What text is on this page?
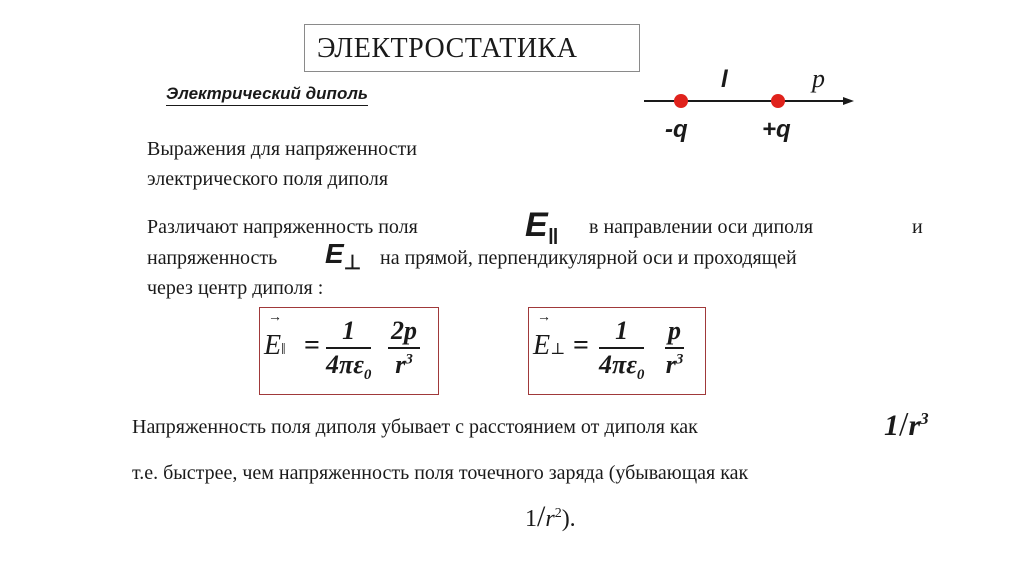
ЭЛЕКТРОСТАТИКА
Электрический диполь
l	p
-q	+q
Выражения для напряженности
электрического поля диполя
Различают напряженность поля	$E_‖$ в направлении оси диполя	и
напряженность $E_\perp$ на прямой, перпендикулярной оси и проходящей
через центр диполя :
→
E‖ = $\frac{1}{4\pi\varepsilon_0} \frac{2p}{r^3}$	→
E⊥ = $\frac{1}{4\pi\varepsilon_0} \frac{p}{r^3}$
Напряженность поля диполя убывает с расстоянием от диполя как	$1/r^3$
т.е. быстрее, чем напряженность поля точечного заряда (убывающая как
$1/r^2$).
